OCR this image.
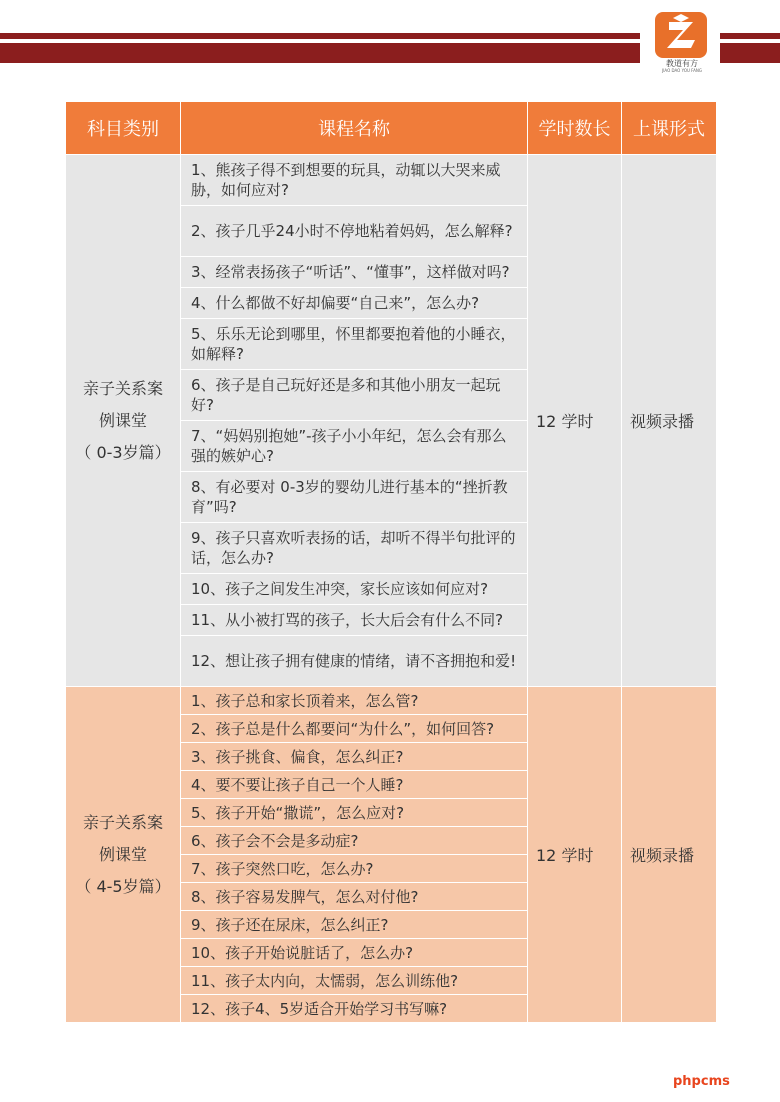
教道有方
JIAO DAO YOU FANG
科目类别	课程名称	学时数长	上课形式

亲子关系案
例课堂
（ 0-3岁篇）	1、熊孩子得不到想要的玩具，动辄以大哭来威胁，如何应对?	12 学时	视频录播
	2、孩子几乎24小时不停地粘着妈妈，怎么解释?		
	3、经常表扬孩子“听话”、“懂事”，这样做对吗?		
	4、什么都做不好却偏要“自己来”，怎么办?		
	5、乐乐无论到哪里，怀里都要抱着他的小睡衣，如解释?		
	6、孩子是自己玩好还是多和其他小朋友一起玩好?		
	7、“妈妈别抱她”-孩子小小年纪，怎么会有那么强的嫉妒心?		
	8、有必要对 0-3岁的婴幼儿进行基本的“挫折教育”吗?		
	9、孩子只喜欢听表扬的话，却听不得半句批评的话，怎么办?		
	10、孩子之间发生冲突，家长应该如何应对?		
	11、从小被打骂的孩子，长大后会有什么不同?		
	12、想让孩子拥有健康的情绪，请不吝拥抱和爱!		

亲子关系案
例课堂
（ 4-5岁篇）	1、孩子总和家长顶着来，怎么管?	12 学时	视频录播
	2、孩子总是什么都要问“为什么”，如何回答?		
	3、孩子挑食、偏食，怎么纠正?		
	4、要不要让孩子自己一个人睡?		
	5、孩子开始“撒谎”，怎么应对?		
	6、孩子会不会是多动症?		
	7、孩子突然口吃，怎么办?		
	8、孩子容易发脾气，怎么对付他?		
	9、孩子还在尿床，怎么纠正?		
	10、孩子开始说脏话了，怎么办?		
	11、孩子太内向，太懦弱，怎么训练他?		
	12、孩子4、5岁适合开始学习书写嘛?		
phpcms
